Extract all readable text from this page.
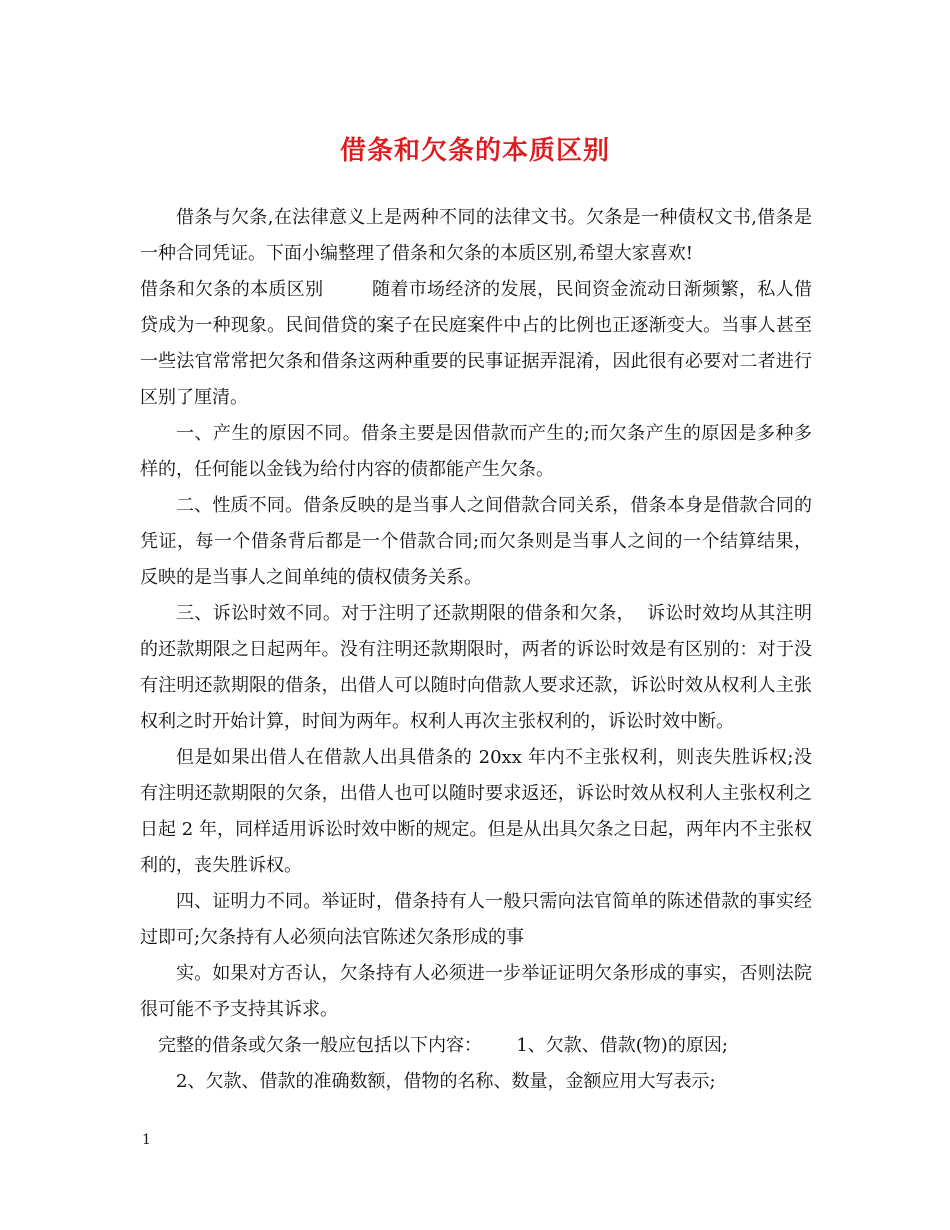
借条和欠条的本质区别

借条与欠条,在法律意义上是两种不同的法律文书。欠条是一种债权文书,借条是一种合同凭证。下面小编整理了借条和欠条的本质区别,希望大家喜欢!

借条和欠条的本质区别        随着市场经济的发展，民间资金流动日渐频繁，私人借贷成为一种现象。民间借贷的案子在民庭案件中占的比例也正逐渐变大。当事人甚至一些法官常常把欠条和借条这两种重要的民事证据弄混淆，因此很有必要对二者进行区别了厘清。

一、产生的原因不同。借条主要是因借款而产生的;而欠条产生的原因是多种多样的，任何能以金钱为给付内容的债都能产生欠条。

二、性质不同。借条反映的是当事人之间借款合同关系，借条本身是借款合同的凭证，每一个借条背后都是一个借款合同;而欠条则是当事人之间的一个结算结果，反映的是当事人之间单纯的债权债务关系。

三、诉讼时效不同。对于注明了还款期限的借条和欠条，  诉讼时效均从其注明的还款期限之日起两年。没有注明还款期限时，两者的诉讼时效是有区别的：对于没有注明还款期限的借条，出借人可以随时向借款人要求还款，诉讼时效从权利人主张权利之时开始计算，时间为两年。权利人再次主张权利的，诉讼时效中断。

但是如果出借人在借款人出具借条的 20xx 年内不主张权利，则丧失胜诉权;没有注明还款期限的欠条，出借人也可以随时要求返还，诉讼时效从权利人主张权利之日起 2 年，同样适用诉讼时效中断的规定。但是从出具欠条之日起，两年内不主张权利的，丧失胜诉权。

四、证明力不同。举证时，借条持有人一般只需向法官简单的陈述借款的事实经过即可;欠条持有人必须向法官陈述欠条形成的事

实。如果对方否认，欠条持有人必须进一步举证证明欠条形成的事实，否则法院很可能不予支持其诉求。

完整的借条或欠条一般应包括以下内容：      1、欠款、借款(物)的原因;

2、欠款、借款的准确数额，借物的名称、数量，金额应用大写表示;

1
